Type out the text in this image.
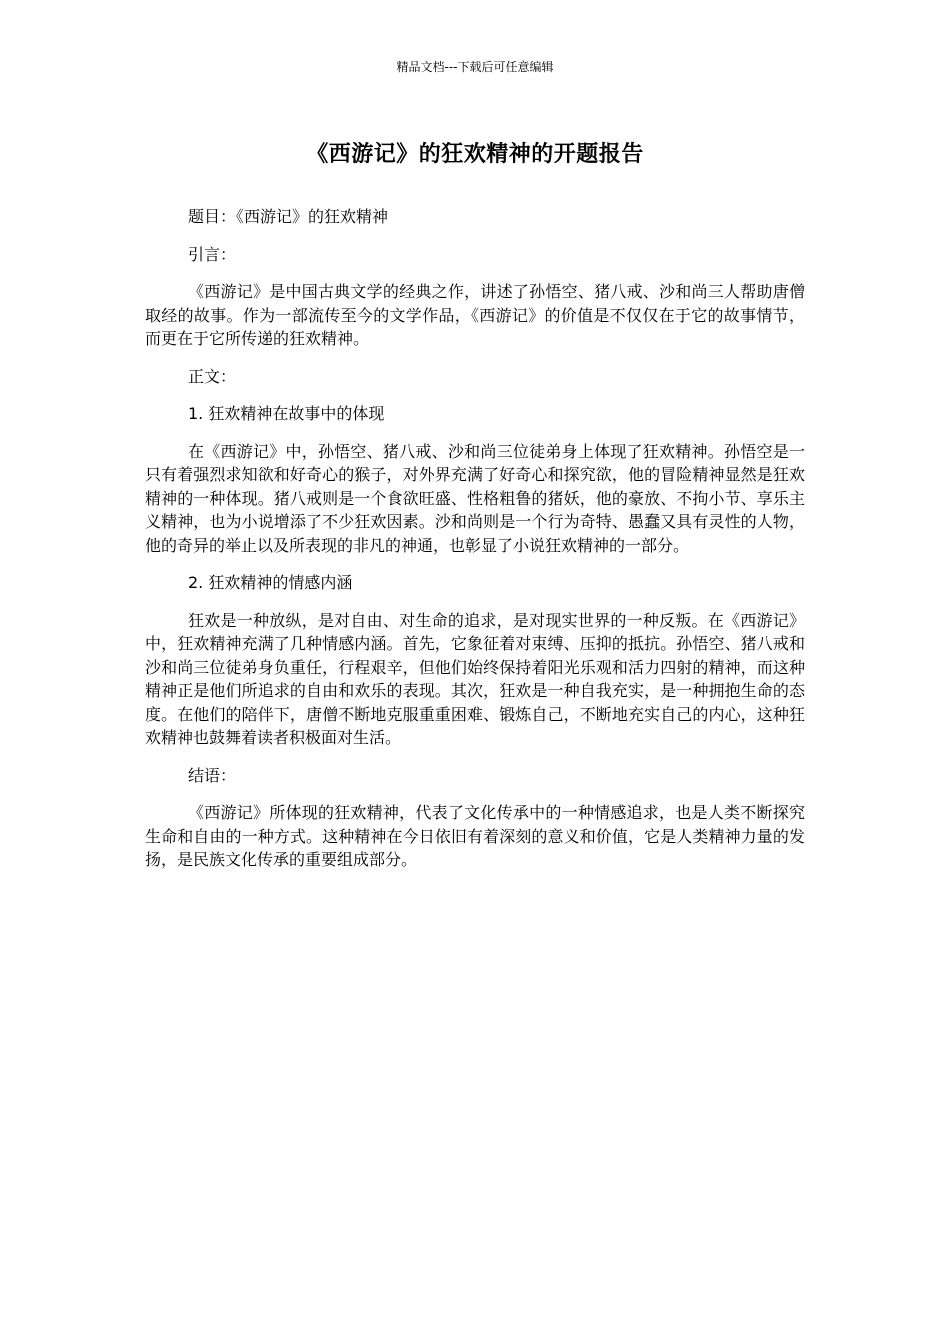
精品文档---下载后可任意编辑
《西游记》的狂欢精神的开题报告

题目：《西游记》的狂欢精神

引言：

《西游记》是中国古典文学的经典之作，讲述了孙悟空、猪八戒、沙和尚三人帮助唐僧取经的故事。作为一部流传至今的文学作品，《西游记》的价值是不仅仅在于它的故事情节，而更在于它所传递的狂欢精神。

正文：

1. 狂欢精神在故事中的体现

在《西游记》中，孙悟空、猪八戒、沙和尚三位徒弟身上体现了狂欢精神。孙悟空是一只有着强烈求知欲和好奇心的猴子，对外界充满了好奇心和探究欲，他的冒险精神显然是狂欢精神的一种体现。猪八戒则是一个食欲旺盛、性格粗鲁的猪妖，他的豪放、不拘小节、享乐主义精神，也为小说增添了不少狂欢因素。沙和尚则是一个行为奇特、愚蠢又具有灵性的人物，他的奇异的举止以及所表现的非凡的神通，也彰显了小说狂欢精神的一部分。

2. 狂欢精神的情感内涵

狂欢是一种放纵，是对自由、对生命的追求，是对现实世界的一种反叛。在《西游记》中，狂欢精神充满了几种情感内涵。首先，它象征着对束缚、压抑的抵抗。孙悟空、猪八戒和沙和尚三位徒弟身负重任，行程艰辛，但他们始终保持着阳光乐观和活力四射的精神，而这种精神正是他们所追求的自由和欢乐的表现。其次，狂欢是一种自我充实，是一种拥抱生命的态度。在他们的陪伴下，唐僧不断地克服重重困难、锻炼自己，不断地充实自己的内心，这种狂欢精神也鼓舞着读者积极面对生活。

结语：

《西游记》所体现的狂欢精神，代表了文化传承中的一种情感追求，也是人类不断探究生命和自由的一种方式。这种精神在今日依旧有着深刻的意义和价值，它是人类精神力量的发扬，是民族文化传承的重要组成部分。
